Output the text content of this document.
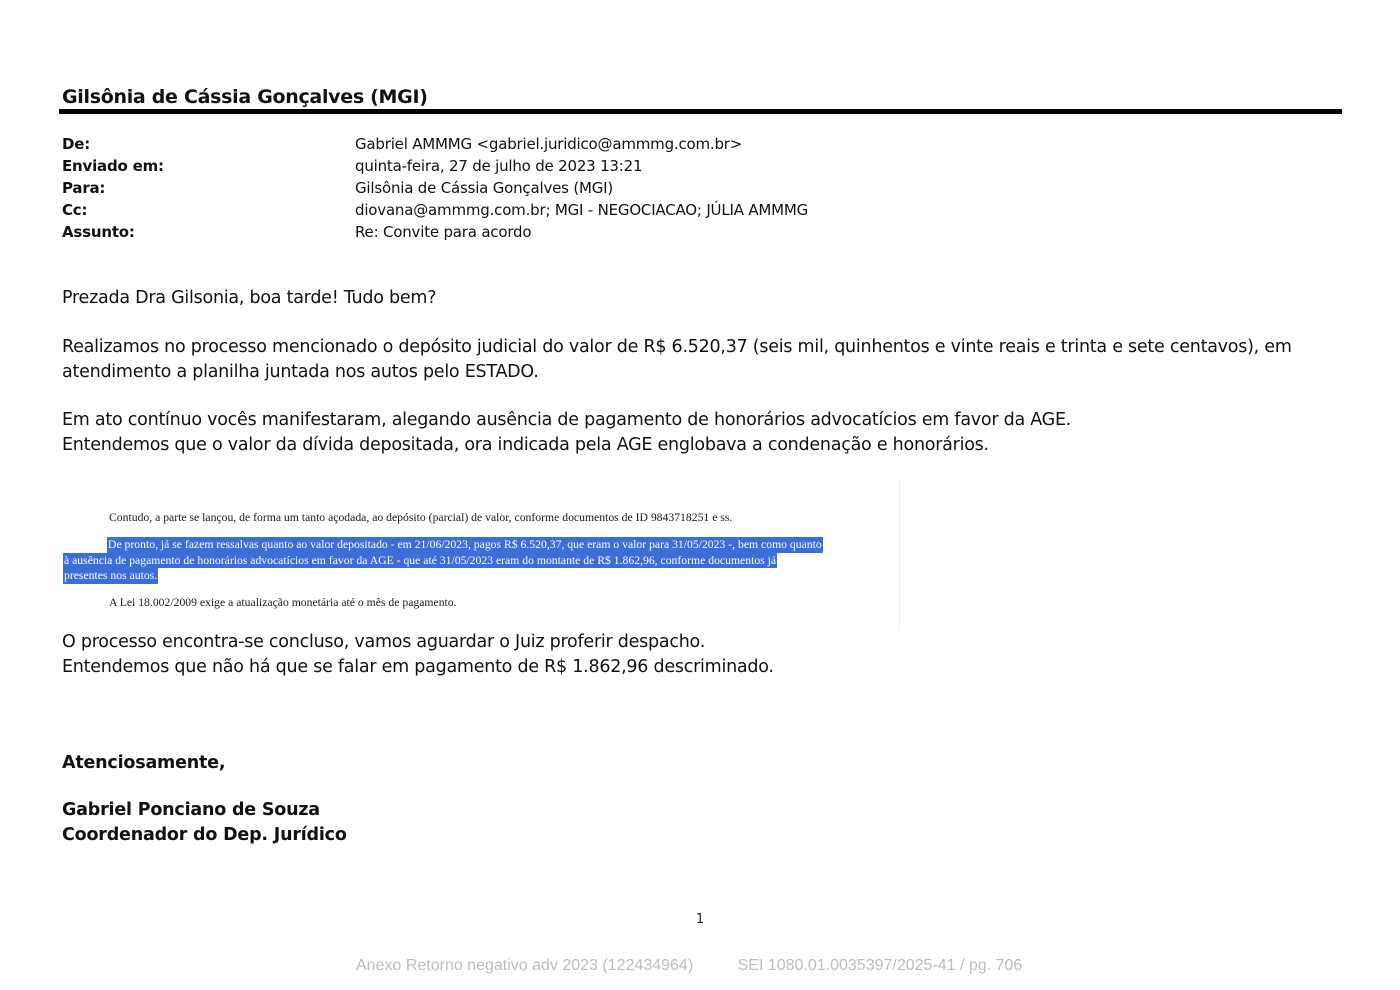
Gilsônia de Cássia Gonçalves (MGI)
De:	Gabriel AMMMG <gabriel.juridico@ammmg.com.br>
Enviado em:	quinta-feira, 27 de julho de 2023 13:21
Para:	Gilsônia de Cássia Gonçalves (MGI)
Cc:	diovana@ammmg.com.br; MGI - NEGOCIACAO; JÚLIA AMMMG
Assunto:	Re: Convite para acordo
Prezada Dra Gilsonia, boa tarde! Tudo bem?
Realizamos no processo mencionado o depósito judicial do valor de R$ 6.520,37 (seis mil, quinhentos e vinte reais e trinta e sete centavos), em
atendimento a planilha juntada nos autos pelo ESTADO.
Em ato contínuo vocês manifestaram, alegando ausência de pagamento de honorários advocatícios em favor da AGE.
Entendemos que o valor da dívida depositada, ora indicada pela AGE englobava a condenação e honorários.
Contudo, a parte se lançou, de forma um tanto açodada, ao depósito (parcial) de valor, conforme documentos de ID 9843718251 e ss.
De pronto, já se fazem ressalvas quanto ao valor depositado - em 21/06/2023, pagos R$ 6.520,37, que eram o valor para 31/05/2023 -, bem como quanto
à ausência de pagamento de honorários advocatícios em favor da AGE - que até 31/05/2023 eram do montante de R$ 1.862,96, conforme documentos já
presentes nos autos.
A Lei 18.002/2009 exige a atualização monetária até o mês de pagamento.
O processo encontra-se concluso, vamos aguardar o Juiz proferir despacho.
Entendemos que não há que se falar em pagamento de R$ 1.862,96 descriminado.
Atenciosamente,
Gabriel Ponciano de Souza
Coordenador do Dep. Jurídico
1
Anexo Retorno negativo adv 2023 (122434964)	SEI 1080.01.0035397/2025-41 / pg. 706
